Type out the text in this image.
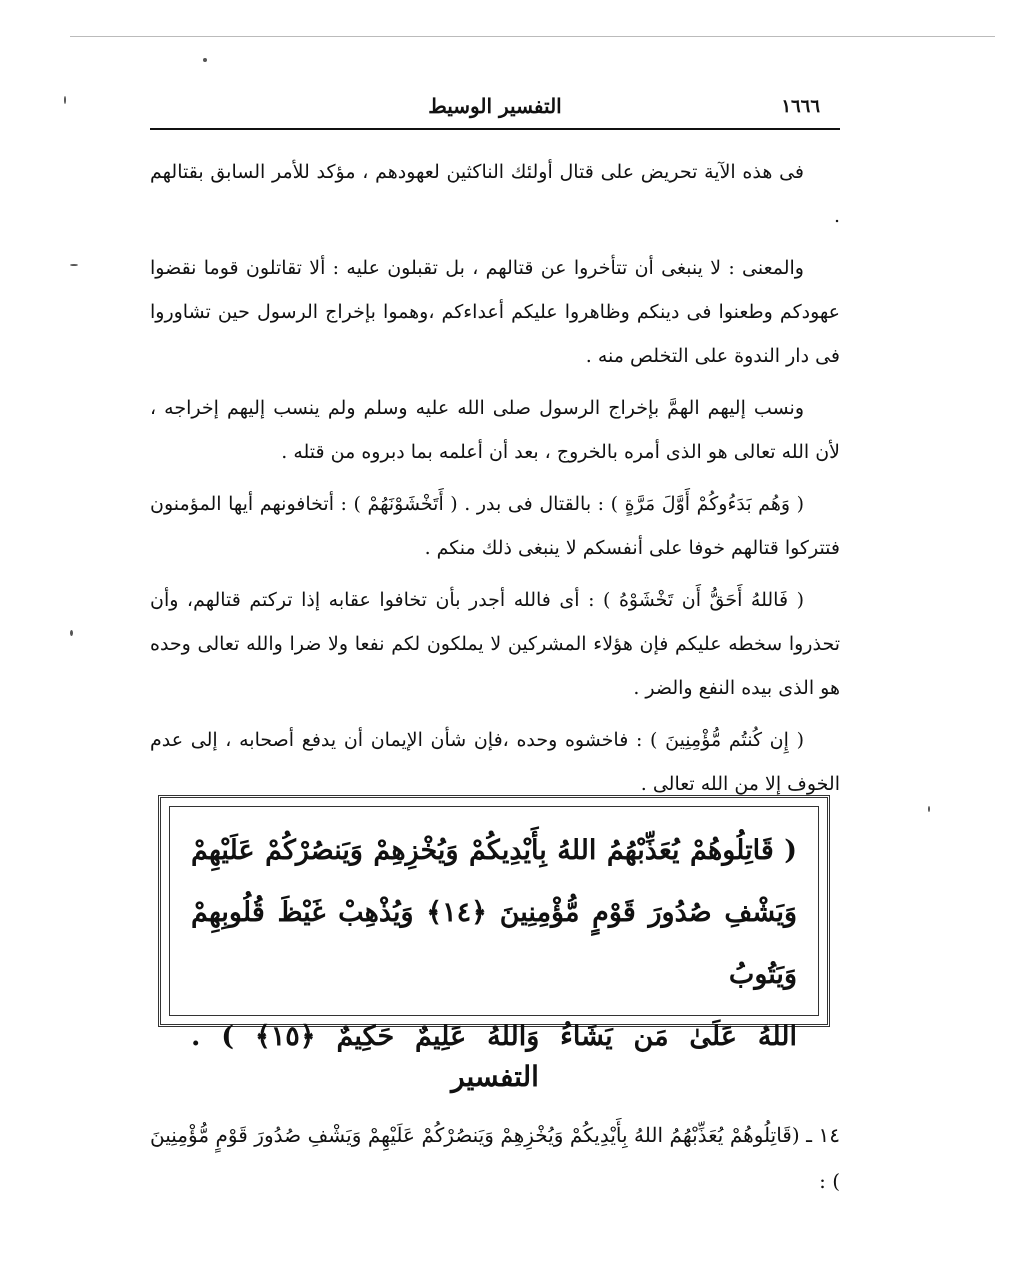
١٦٦٦
التفسير الوسيط

فى هذه الآية تحريض على قتال أولئك الناكثين لعهودهم ، مؤكد للأمر السابق بقتالهم .

والمعنى : لا ينبغى أن تتأخروا عن قتالهم ، بل تقبلون عليه : ألا تقاتلون قوما نقضوا عهودكم وطعنوا فى دينكم وظاهروا عليكم أعداءكم ،وهموا بإخراج الرسول حين تشاوروا فى دار الندوة على التخلص منه .

ونسب إليهم الهمَّ بإخراج الرسول صلى الله عليه وسلم ولم ينسب إليهم إخراجه ، لأن الله تعالى هو الذى أمره بالخروج ، بعد أن أعلمه بما دبروه من قتله .

( وَهُم بَدَءُوكُمْ أَوَّلَ مَرَّةٍ ) : بالقتال فى بدر . ( أَتَخْشَوْنَهُمْ ) : أتخافونهم أيها المؤمنون فتتركوا قتالهم خوفا على أنفسكم لا ينبغى ذلك منكم .

( فَاللهُ أَحَقُّ أَن تَخْشَوْهُ ) : أى فالله أجدر بأن تخافوا عقابه إذا تركتم قتالهم، وأن تحذروا سخطه عليكم فإن هؤلاء المشركين لا يملكون لكم نفعا ولا ضرا والله تعالى وحده هو الذى بيده النفع والضر .

( إِن كُنتُم مُّؤْمِنِينَ ) : فاخشوه وحده ،فإن شأن الإيمان أن يدفع أصحابه ، إلى عدم الخوف إلا من الله تعالى .

( قَاتِلُوهُمْ يُعَذِّبْهُمُ اللهُ بِأَيْدِيكُمْ وَيُخْزِهِمْ وَيَنصُرْكُمْ عَلَيْهِمْ
وَيَشْفِ صُدُورَ قَوْمٍ مُّؤْمِنِينَ ﴿١٤﴾ وَيُذْهِبْ غَيْظَ قُلُوبِهِمْ وَيَتُوبُ
اللهُ عَلَىٰ مَن يَشَاءُ وَاللهُ عَلِيمٌ حَكِيمٌ ﴿١٥﴾ ) .
التفسير

١٤ ـ (قَاتِلُوهُمْ يُعَذِّبْهُمُ اللهُ بِأَيْدِيكُمْ وَيُخْزِهِمْ وَيَنصُرْكُمْ عَلَيْهِمْ وَيَشْفِ صُدُورَ قَوْمٍ مُّؤْمِنِينَ ) :
